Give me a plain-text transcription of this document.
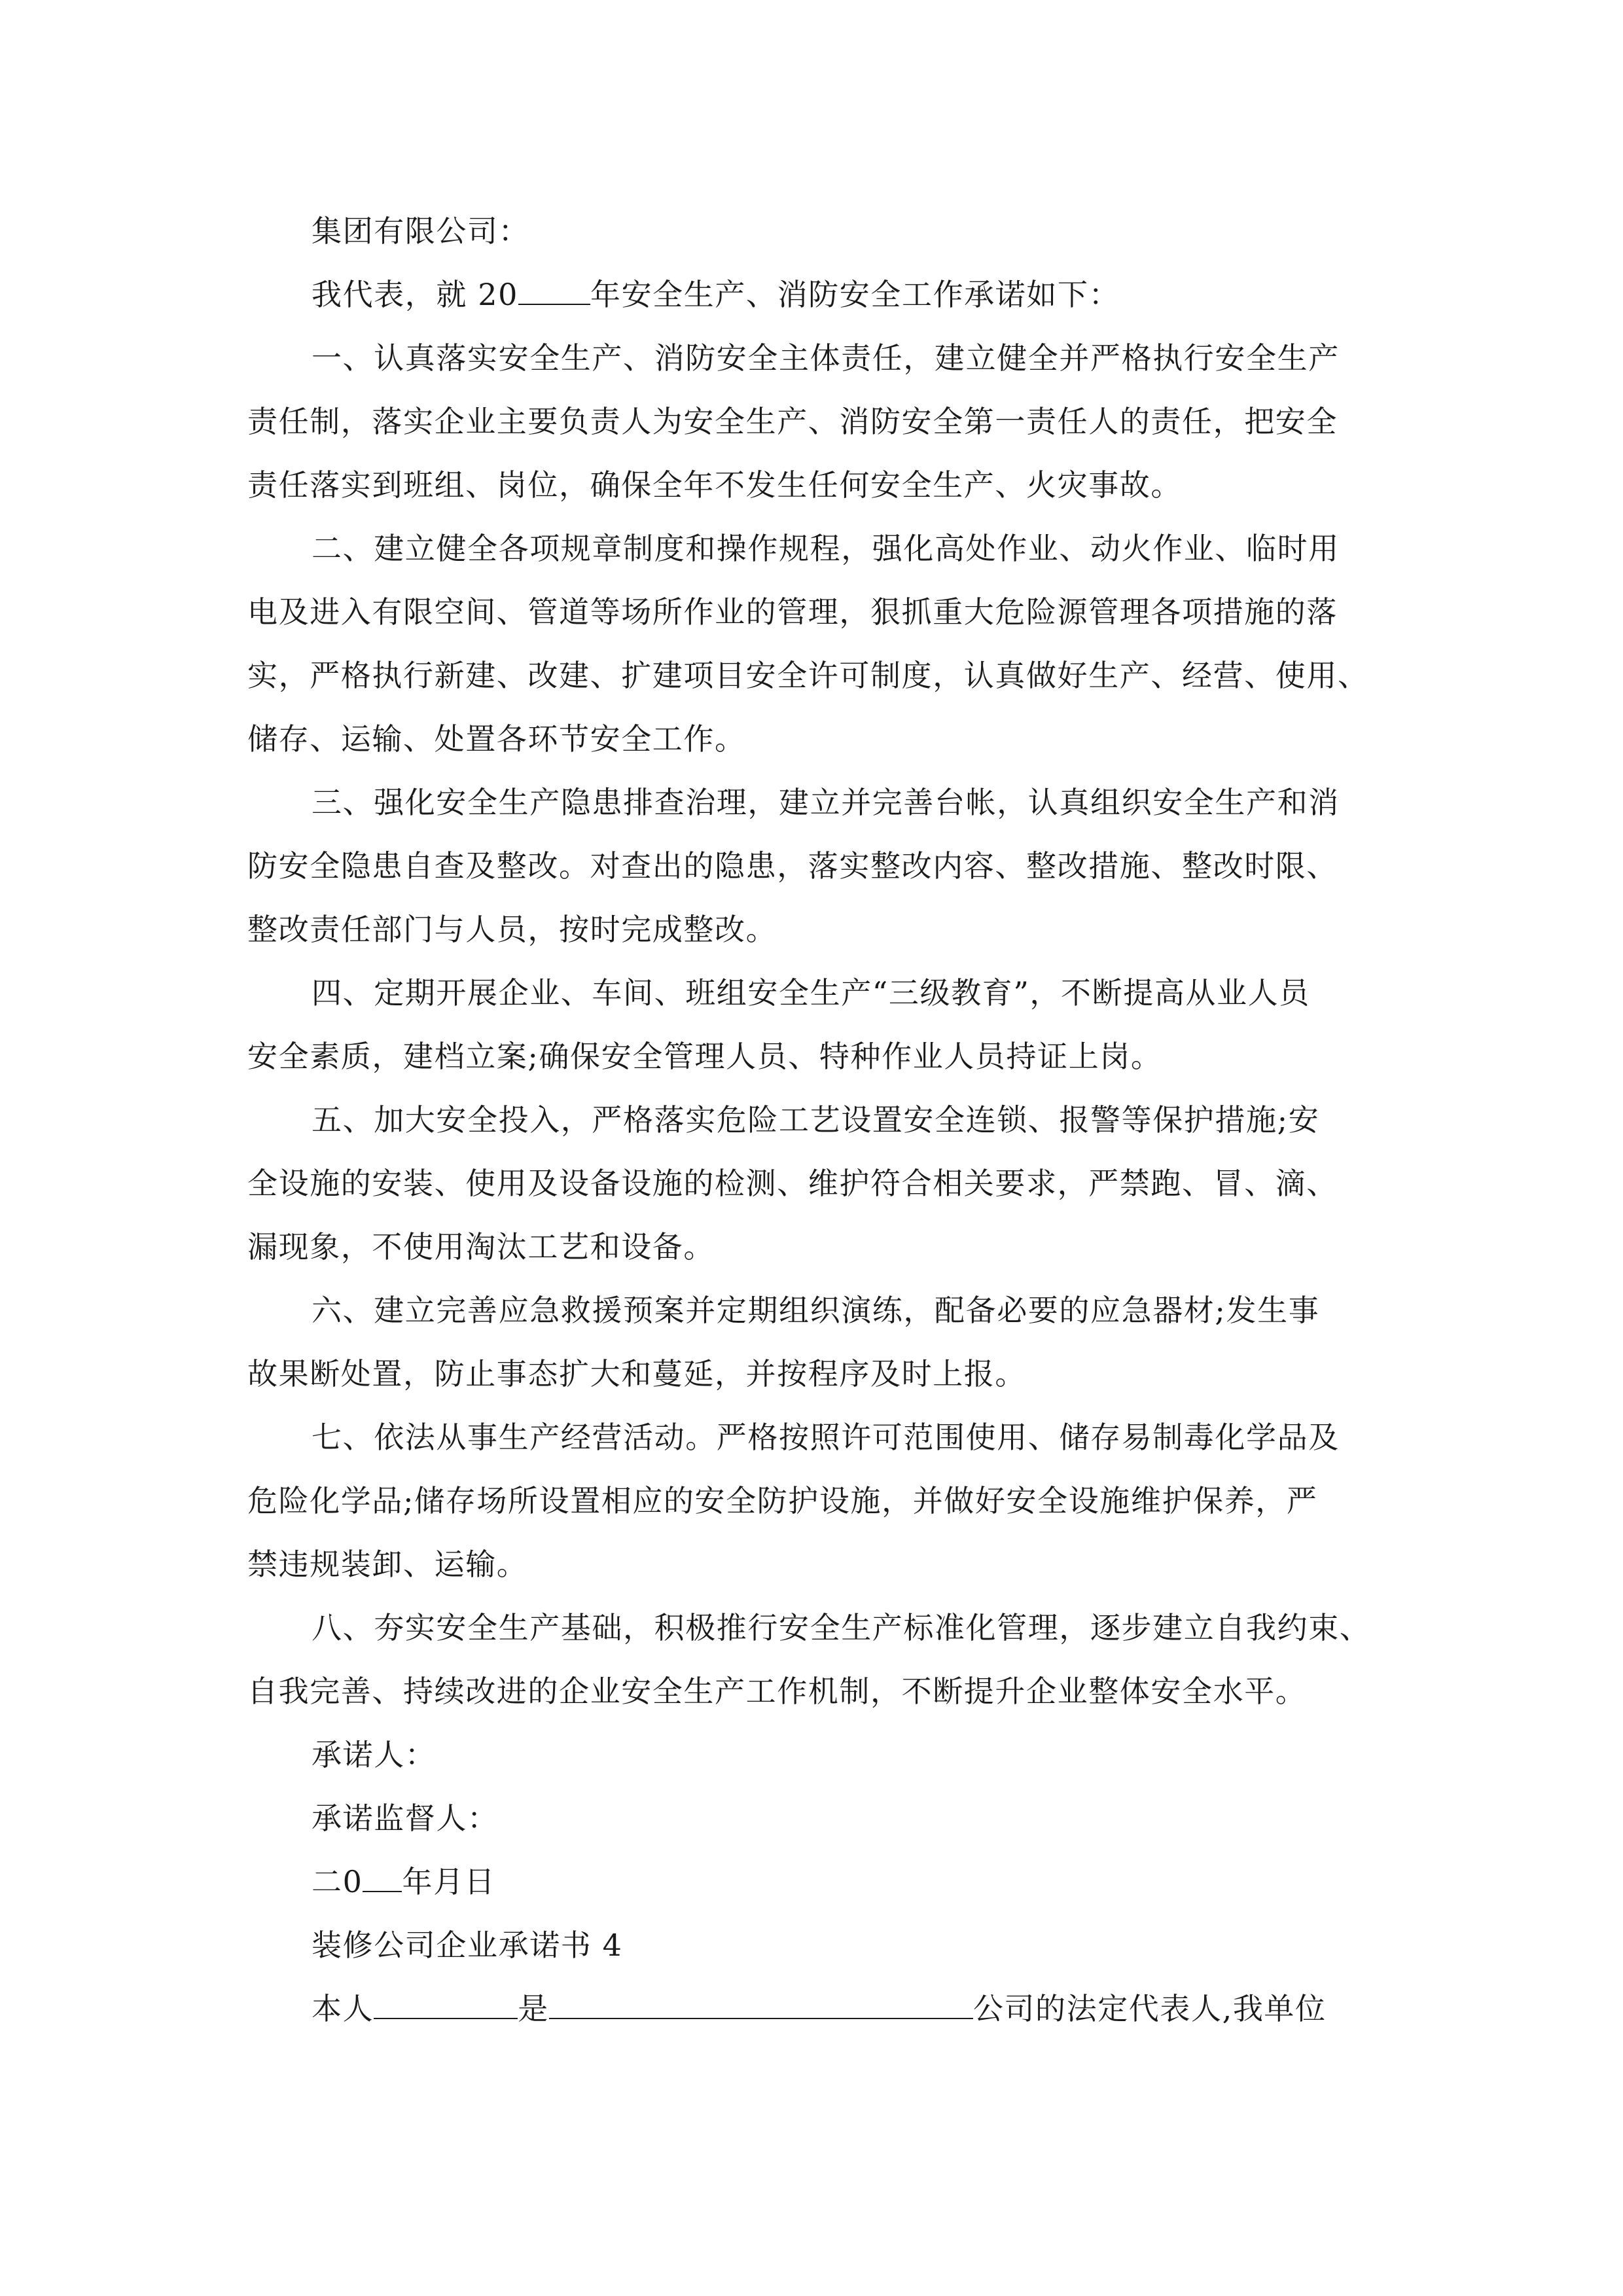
集团有限公司：
我代表，就 20 年安全生产、消防安全工作承诺如下：
一、认真落实安全生产、消防安全主体责任，建立健全并严格执行安全生产
责任制，落实企业主要负责人为安全生产、消防安全第一责任人的责任，把安全
责任落实到班组、岗位，确保全年不发生任何安全生产、火灾事故。
二、建立健全各项规章制度和操作规程，强化高处作业、动火作业、临时用
电及进入有限空间、管道等场所作业的管理，狠抓重大危险源管理各项措施的落
实，严格执行新建、改建、扩建项目安全许可制度，认真做好生产、经营、使用、
储存、运输、处置各环节安全工作。
三、强化安全生产隐患排查治理，建立并完善台帐，认真组织安全生产和消
防安全隐患自查及整改。对查出的隐患，落实整改内容、整改措施、整改时限、
整改责任部门与人员，按时完成整改。
四、定期开展企业、车间、班组安全生产“三级教育”，不断提高从业人员
安全素质，建档立案;确保安全管理人员、特种作业人员持证上岗。
五、加大安全投入，严格落实危险工艺设置安全连锁、报警等保护措施;安
全设施的安装、使用及设备设施的检测、维护符合相关要求，严禁跑、冒、滴、
漏现象，不使用淘汰工艺和设备。
六、建立完善应急救援预案并定期组织演练，配备必要的应急器材;发生事
故果断处置，防止事态扩大和蔓延，并按程序及时上报。
七、依法从事生产经营活动。严格按照许可范围使用、储存易制毒化学品及
危险化学品;储存场所设置相应的安全防护设施，并做好安全设施维护保养，严
禁违规装卸、运输。
八、夯实安全生产基础，积极推行安全生产标准化管理，逐步建立自我约束、
自我完善、持续改进的企业安全生产工作机制，不断提升企业整体安全水平。
承诺人：
承诺监督人：
二0 年月日
装修公司企业承诺书 4
本人	是	公司的法定代表人,我单位
